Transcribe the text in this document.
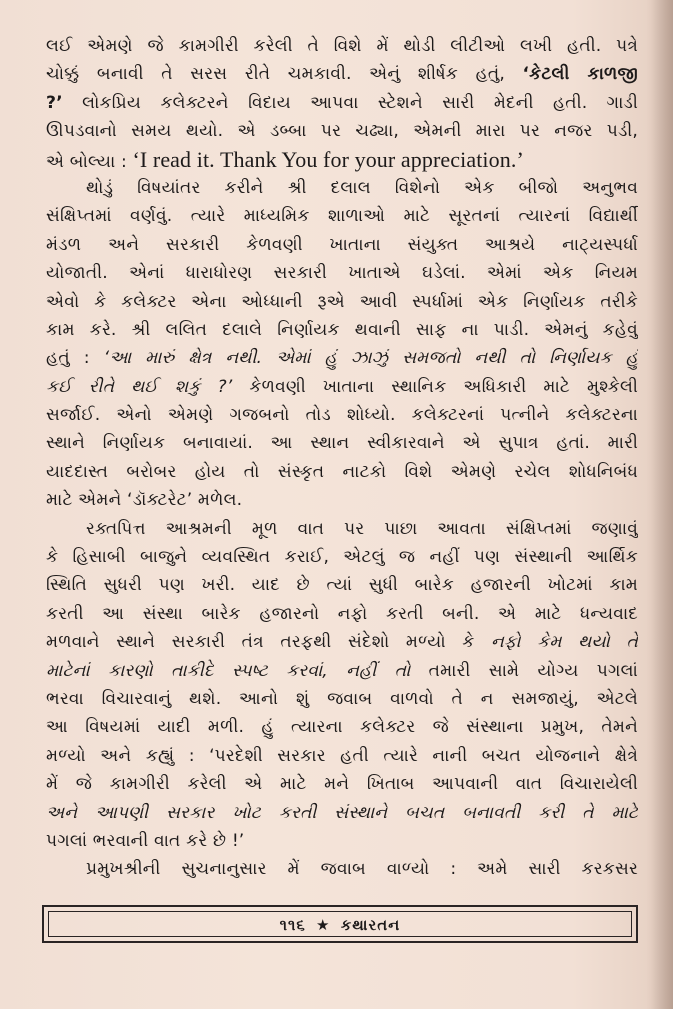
લઈ એમણે જે કામગીરી કરેલી તે વિશે મેં થોડી લીટીઓ લખી હતી. પત્રે
ચોક્કું બનાવી તે સરસ રીતે ચમકાવી. એનું શીર્ષક હતું, ‘કેટલી કાળજી
?’ લોકપ્રિય કલેક્ટરને વિદાય આપવા સ્ટેશને સારી મેદની હતી. ગાડી
ઊપડવાનો સમય થયો. એ ડબ્બા પર ચઢ્યા, એમની મારા પર નજર પડી,
એ બોલ્યા : ‘I read it. Thank You for your appreciation.’
થોડું વિષયાંતર કરીને શ્રી દલાલ વિશેનો એક બીજો અનુભવ
સંક્ષિપ્તમાં વર્ણવું. ત્યારે માધ્યમિક શાળાઓ માટે સૂરતનાં ત્યારનાં વિદ્યાર્થી
મંડળ અને સરકારી કેળવણી ખાતાના સંયુક્ત આશ્રયે નાટ્યસ્પર્ધા
યોજાતી. એનાં ધારાધોરણ સરકારી ખાતાએ ઘડેલાં. એમાં એક નિયમ
એવો કે કલેક્ટર એના ઓધ્ધાની રૂએ આવી સ્પર્ધામાં એક નિર્ણાયક તરીકે
કામ કરે. શ્રી લલિત દલાલે નિર્ણાયક થવાની સાફ ના પાડી. એમનું કહેવું
હતું : ‘આ મારું ક્ષેત્ર નથી. એમાં હું ઝાઝું સમજતો નથી તો નિર્ણાયક હું
કઈ રીતે થઈ શકું ?’ કેળવણી ખાતાના સ્થાનિક અધિકારી માટે મુશ્કેલી
સર્જાઈ. એનો એમણે ગજબનો તોડ શોધ્યો. કલેક્ટરનાં પત્નીને કલેક્ટરના
સ્થાને નિર્ણાયક બનાવાયાં. આ સ્થાન સ્વીકારવાને એ સુપાત્ર હતાં. મારી
યાદદાસ્ત બરોબર હોય તો સંસ્કૃત નાટકો વિશે એમણે રચેલ શોધનિબંધ
માટે એમને ‘ડૉક્ટરેટ’ મળેલ.
રક્તપિત્ત આશ્રમની મૂળ વાત પર પાછા આવતા સંક્ષિપ્તમાં જણાવું
કે હિસાબી બાજુને વ્યવસ્થિત કરાઈ, એટલું જ નહીં પણ સંસ્થાની આર્થિક
સ્થિતિ સુધરી પણ ખરી. યાદ છે ત્યાં સુધી બારેક હજારની ખોટમાં કામ
કરતી આ સંસ્થા બારેક હજારનો નફો કરતી બની. એ માટે ધન્યવાદ
મળવાને સ્થાને સરકારી તંત્ર તરફથી સંદેશો મળ્યો કે નફો કેમ થયો તે
માટેનાં કારણો તાકીદે સ્પષ્ટ કરવાં, નહીં તો તમારી સામે યોગ્ય પગલાં
ભરવા વિચારવાનું થશે. આનો શું જવાબ વાળવો તે ન સમજાયું, એટલે
આ વિષયમાં યાદી મળી. હું ત્યારના કલેક્ટર જે સંસ્થાના પ્રમુખ, તેમને
મળ્યો અને કહ્યું : ‘પરદેશી સરકાર હતી ત્યારે નાની બચત યોજનાને ક્ષેત્રે
મેં જે કામગીરી કરેલી એ માટે મને ખિતાબ આપવાની વાત વિચારાયેલી
અને આપણી સરકાર ખોટ કરતી સંસ્થાને બચત બનાવતી કરી તે માટે
પગલાં ભરવાની વાત કરે છે !’
પ્રમુખશ્રીની સુચનાનુસાર મેં જવાબ વાળ્યો : અમે સારી કરકસર
૧૧૬ ★ કથારતન
